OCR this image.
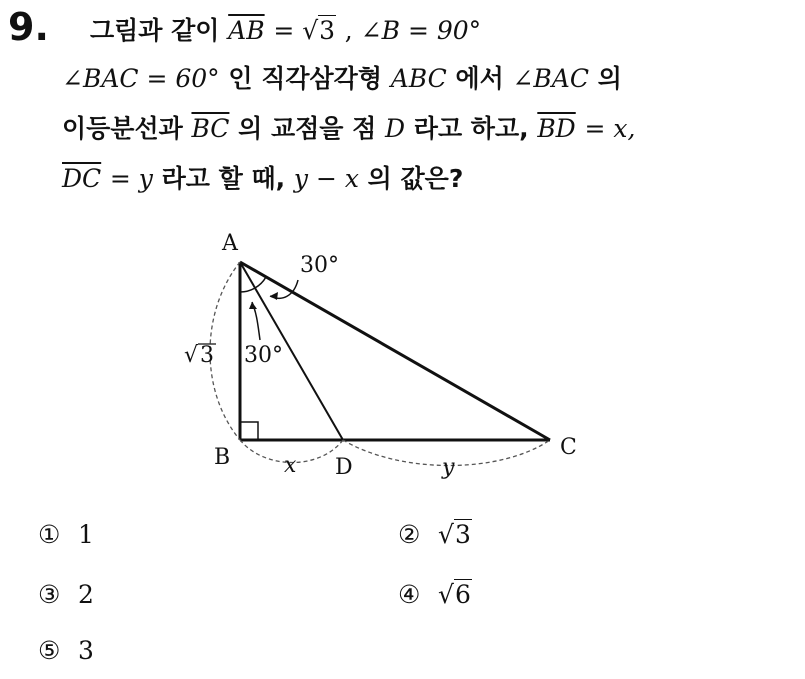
9. 그림과 같이 $\overline{AB} = √3$ , ∠B = 90°
∠BAC = 60° 인 직각삼각형 ABC 에서 ∠BAC 의
이등분선과 $\overline{BC}$ 의 교점을 점 D 라고 하고, $\overline{BD} = x$,
$\overline{DC} = y$ 라고 할 때, y − x 의 값은?
A
B	C
D
x	y
30°
30°
√ 3
① 1	② √3
③ 2	④ √6
⑤ 3
